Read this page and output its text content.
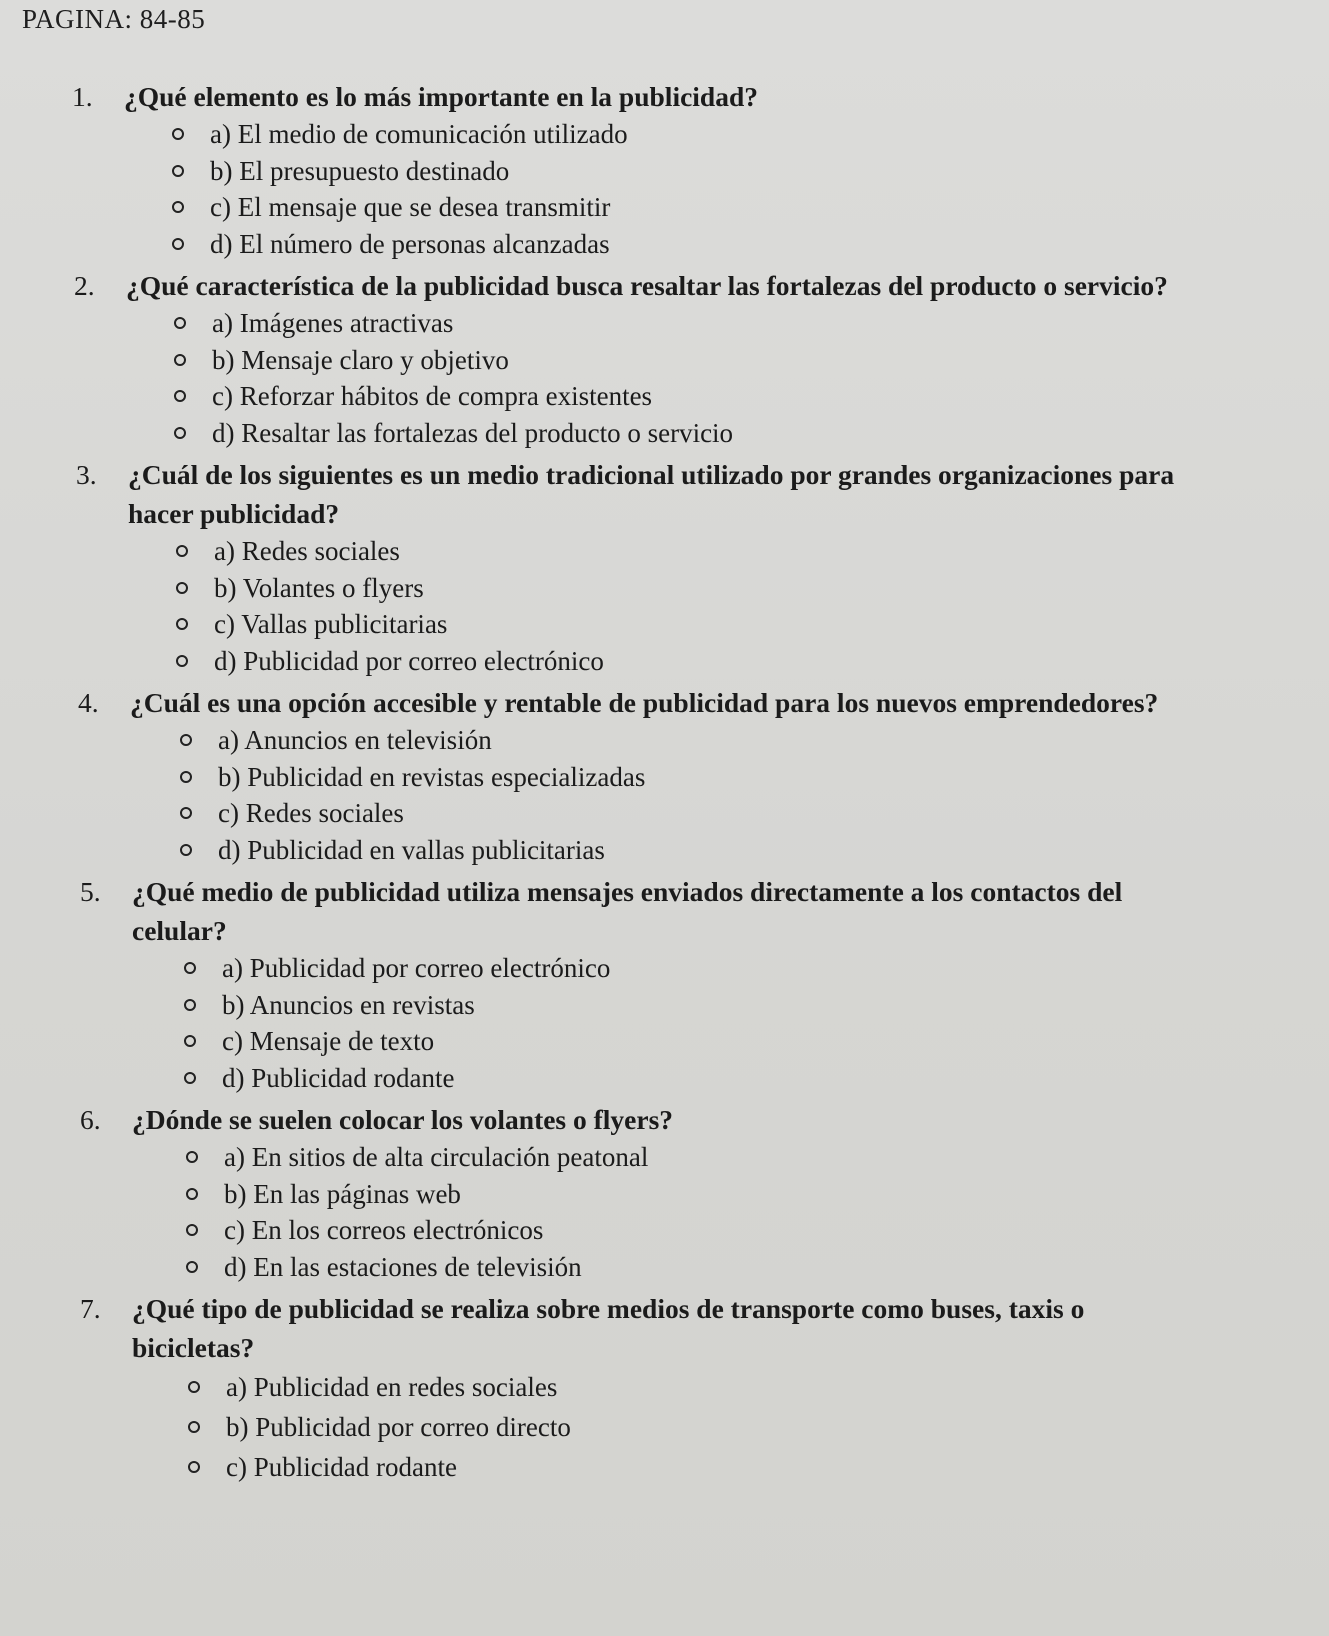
PAGINA: 84-85
1.	¿Qué elemento es lo más importante en la publicidad?
a) El medio de comunicación utilizado
b) El presupuesto destinado
c) El mensaje que se desea transmitir
d) El número de personas alcanzadas
2.	¿Qué característica de la publicidad busca resaltar las fortalezas del producto o servicio?
a) Imágenes atractivas
b) Mensaje claro y objetivo
c) Reforzar hábitos de compra existentes
d) Resaltar las fortalezas del producto o servicio
3.	¿Cuál de los siguientes es un medio tradicional utilizado por grandes organizaciones para hacer publicidad?
a) Redes sociales
b) Volantes o flyers
c) Vallas publicitarias
d) Publicidad por correo electrónico
4.	¿Cuál es una opción accesible y rentable de publicidad para los nuevos emprendedores?
a) Anuncios en televisión
b) Publicidad en revistas especializadas
c) Redes sociales
d) Publicidad en vallas publicitarias
5.	¿Qué medio de publicidad utiliza mensajes enviados directamente a los contactos del celular?
a) Publicidad por correo electrónico
b) Anuncios en revistas
c) Mensaje de texto
d) Publicidad rodante
6.	¿Dónde se suelen colocar los volantes o flyers?
a) En sitios de alta circulación peatonal
b) En las páginas web
c) En los correos electrónicos
d) En las estaciones de televisión
7.	¿Qué tipo de publicidad se realiza sobre medios de transporte como buses, taxis o bicicletas?
a) Publicidad en redes sociales
b) Publicidad por correo directo
c) Publicidad rodante
